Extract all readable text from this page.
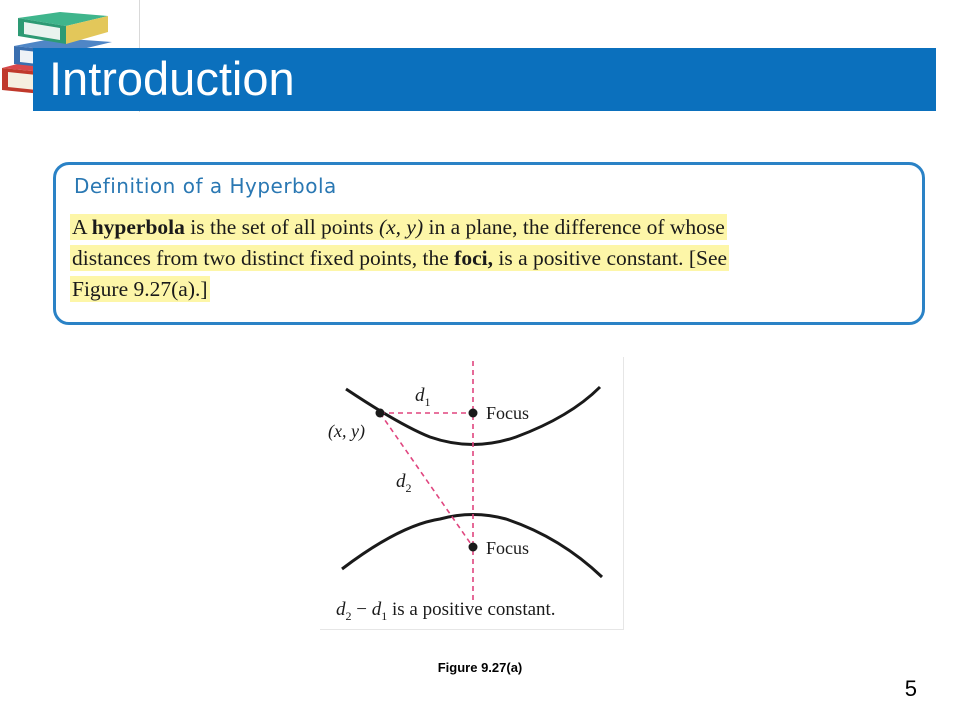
Introduction
Definition of a Hyperbola
A hyperbola is the set of all points (x, y) in a plane, the difference of whose
distances from two distinct fixed points, the foci, is a positive constant. [See
Figure 9.27(a).]
$d_1$
(x, y)
Focus
$d_2$
Focus
$d_2 - d_1$ is a positive constant.
Figure 9.27(a)
5
